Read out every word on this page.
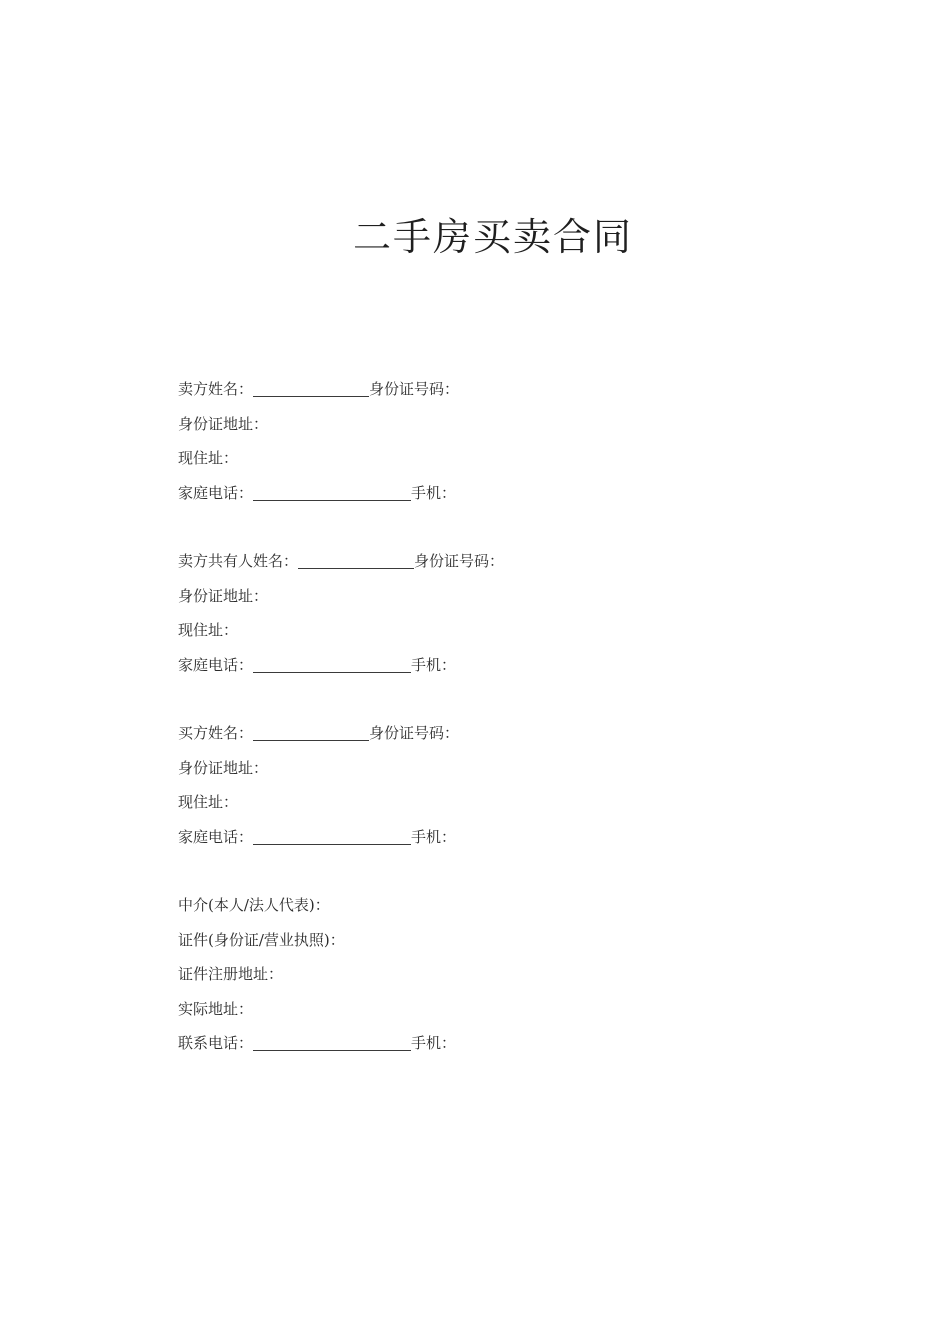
二手房买卖合同
卖方姓名：	身份证号码：
身份证地址：
现住址：
家庭电话：	手机：
卖方共有人姓名：	身份证号码：
身份证地址：
现住址：
家庭电话：	手机：
买方姓名：	身份证号码：
身份证地址：
现住址：
家庭电话：	手机：
中介(本人/法人代表)：
证件(身份证/营业执照)：
证件注册地址：
实际地址：
联系电话：	手机：
